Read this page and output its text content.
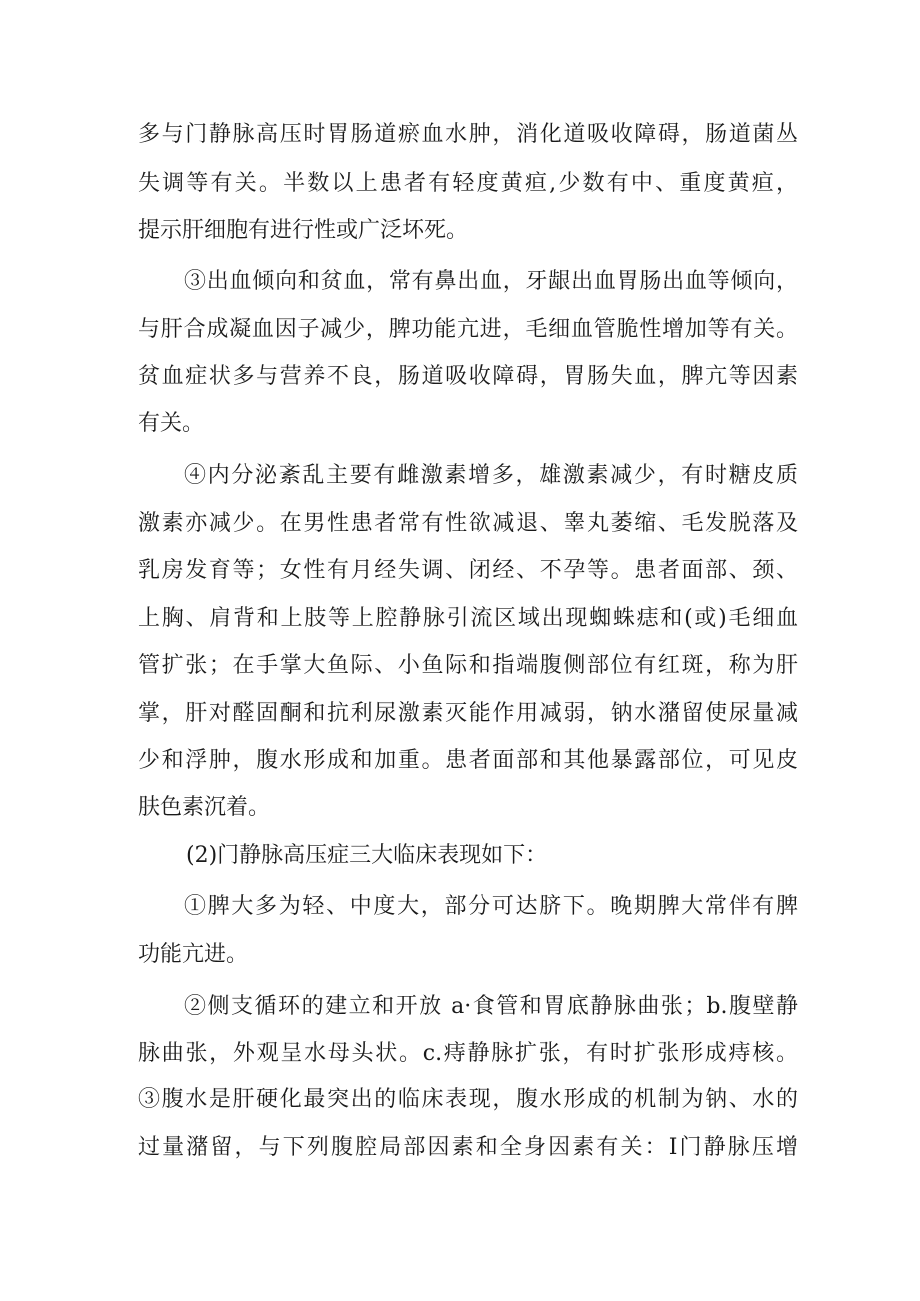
多与门静脉高压时胃肠道瘀血水肿，消化道吸收障碍，肠道菌丛
失调等有关。半数以上患者有轻度黄疸,少数有中、重度黄疸，
提示肝细胞有进行性或广泛坏死。
③出血倾向和贫血，常有鼻出血，牙龈出血胃肠出血等倾向，
与肝合成凝血因子减少，脾功能亢进，毛细血管脆性增加等有关。
贫血症状多与营养不良，肠道吸收障碍，胃肠失血，脾亢等因素
有关。
④内分泌紊乱主要有雌激素增多，雄激素减少，有时糖皮质
激素亦减少。在男性患者常有性欲减退、睾丸萎缩、毛发脱落及
乳房发育等；女性有月经失调、闭经、不孕等。患者面部、颈、
上胸、肩背和上肢等上腔静脉引流区域出现蜘蛛痣和(或)毛细血
管扩张；在手掌大鱼际、小鱼际和指端腹侧部位有红斑，称为肝
掌，肝对醛固酮和抗利尿激素灭能作用减弱，钠水潴留使尿量减
少和浮肿，腹水形成和加重。患者面部和其他暴露部位，可见皮
肤色素沉着。
(2)门静脉高压症三大临床表现如下：
①脾大多为轻、中度大，部分可达脐下。晚期脾大常伴有脾
功能亢进。
②侧支循环的建立和开放 a·食管和胃底静脉曲张；b.腹壁静
脉曲张，外观呈水母头状。c.痔静脉扩张，有时扩张形成痔核。
③腹水是肝硬化最突出的临床表现，腹水形成的机制为钠、水的
过量潴留，与下列腹腔局部因素和全身因素有关：I门静脉压增
